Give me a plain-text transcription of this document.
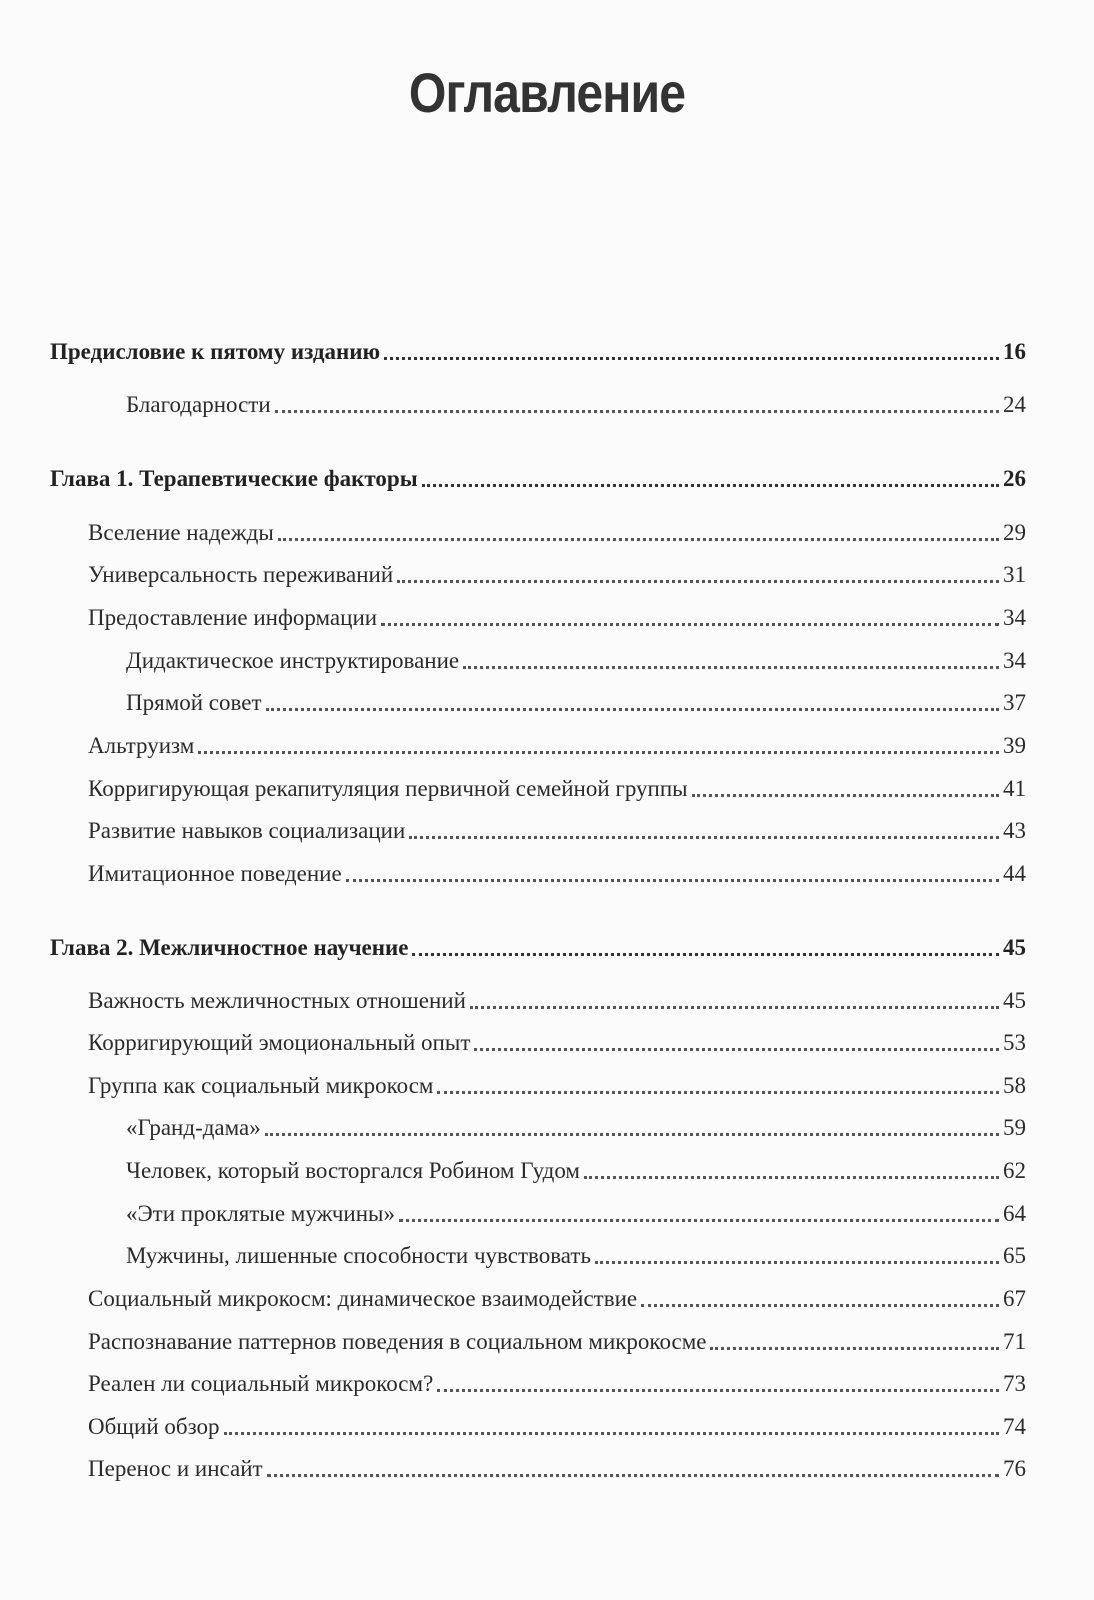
Оглавление
Предисловие к пятому изданию	16
Благодарности	24
Глава 1. Терапевтические факторы	26
Вселение надежды	29
Универсальность переживаний	31
Предоставление информации	34
Дидактическое инструктирование	34
Прямой совет	37
Альтруизм	39
Корригирующая рекапитуляция первичной семейной группы	41
Развитие навыков социализации	43
Имитационное поведение	44
Глава 2. Межличностное научение	45
Важность межличностных отношений	45
Корригирующий эмоциональный опыт	53
Группа как социальный микрокосм	58
«Гранд-дама»	59
Человек, который восторгался Робином Гудом	62
«Эти проклятые мужчины»	64
Мужчины, лишенные способности чувствовать	65
Социальный микрокосм: динамическое взаимодействие	67
Распознавание паттернов поведения в социальном микрокосме	71
Реален ли социальный микрокосм?	73
Общий обзор	74
Перенос и инсайт	76
